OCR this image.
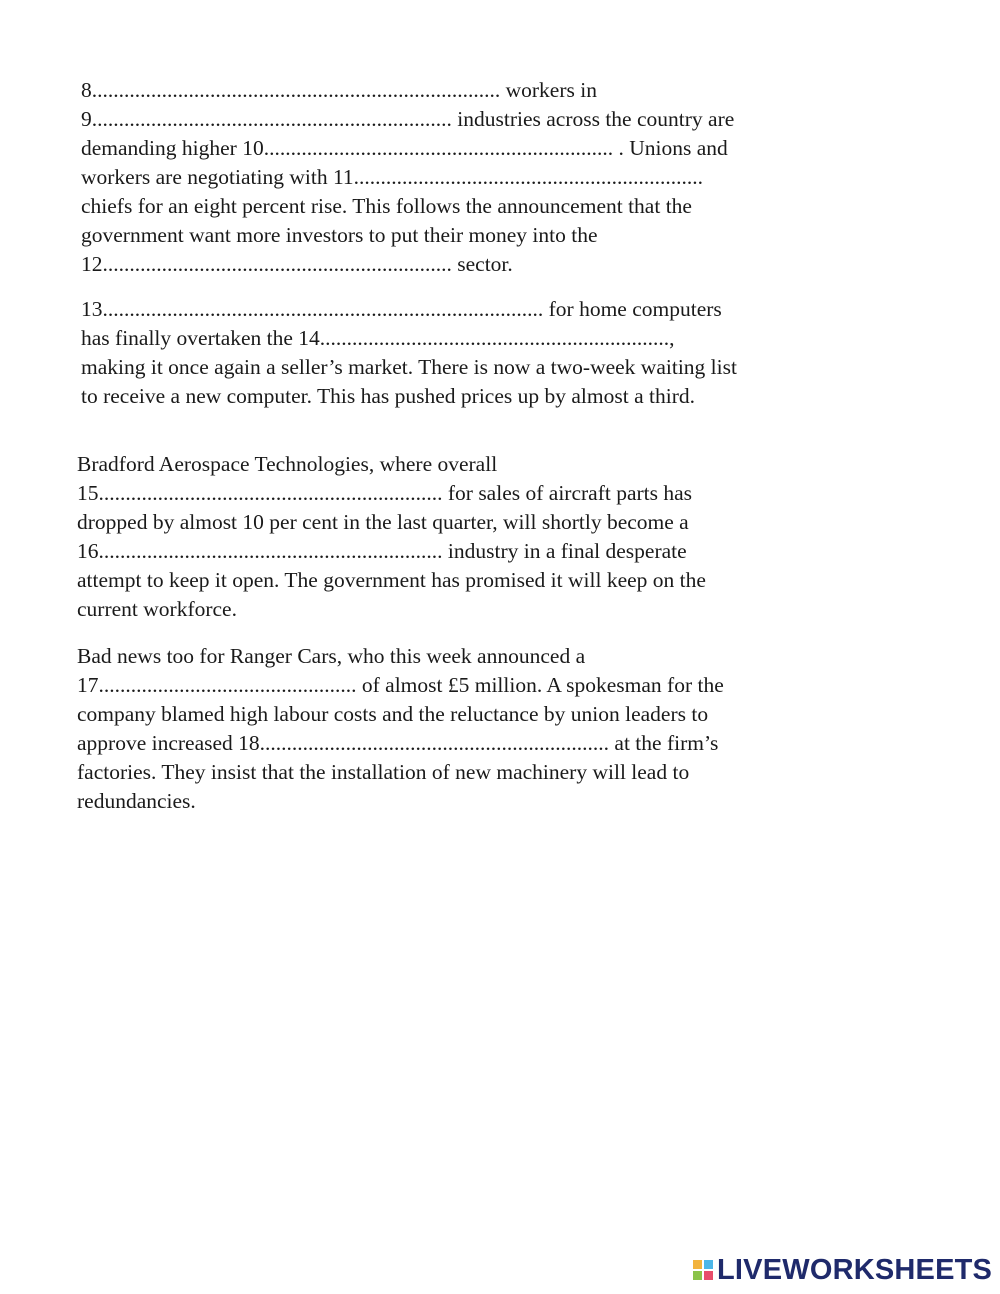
8............................................................................ workers in
9................................................................... industries across the country are
demanding higher 10................................................................. . Unions and
workers are negotiating with 11.................................................................
chiefs for an eight percent rise. This follows the announcement that the
government want more investors to put their money into the
12................................................................. sector.
13.................................................................................. for home computers
has finally overtaken the 14.................................................................,
making it once again a seller’s market. There is now a two-week waiting list
to receive a new computer. This has pushed prices up by almost a third.
Bradford Aerospace Technologies, where overall
15................................................................ for sales of aircraft parts has
dropped by almost 10 per cent in the last quarter, will shortly become a
16................................................................ industry in a final desperate
attempt to keep it open. The government has promised it will keep on the
current workforce.
Bad news too for Ranger Cars, who this week announced a
17................................................ of almost £5 million. A spokesman for the
company blamed high labour costs and the reluctance by union leaders to
approve increased 18................................................................. at the firm’s
factories. They insist that the installation of new machinery will lead to
redundancies.
LIVEWORKSHEETS
